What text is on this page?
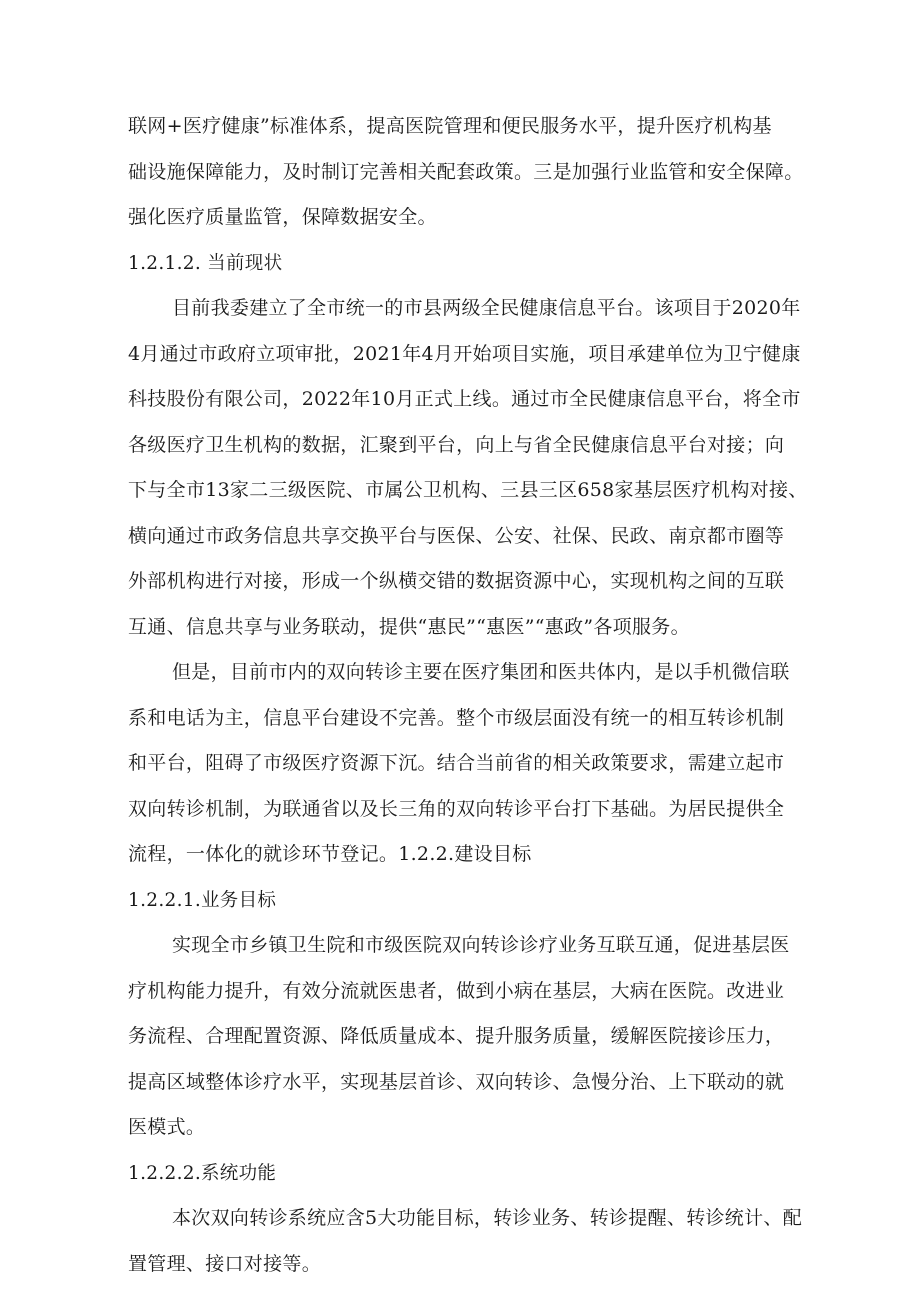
联网+医疗健康”标准体系，提高医院管理和便民服务水平，提升医疗机构基
础设施保障能力，及时制订完善相关配套政策。三是加强行业监管和安全保障。
强化医疗质量监管，保障数据安全。
1.2.1.2. 当前现状
目前我委建立了全市统一的市县两级全民健康信息平台。该项目于2020年
4月通过市政府立项审批，2021年4月开始项目实施，项目承建单位为卫宁健康
科技股份有限公司，2022年10月正式上线。通过市全民健康信息平台，将全市
各级医疗卫生机构的数据，汇聚到平台，向上与省全民健康信息平台对接；向
下与全市13家二三级医院、市属公卫机构、三县三区658家基层医疗机构对接、
横向通过市政务信息共享交换平台与医保、公安、社保、民政、南京都市圈等
外部机构进行对接，形成一个纵横交错的数据资源中心，实现机构之间的互联
互通、信息共享与业务联动，提供“惠民”“惠医”“惠政”各项服务。
但是，目前市内的双向转诊主要在医疗集团和医共体内，是以手机微信联
系和电话为主，信息平台建设不完善。整个市级层面没有统一的相互转诊机制
和平台，阻碍了市级医疗资源下沉。结合当前省的相关政策要求，需建立起市
双向转诊机制，为联通省以及长三角的双向转诊平台打下基础。为居民提供全
流程，一体化的就诊环节登记。1.2.2.建设目标
1.2.2.1.业务目标
实现全市乡镇卫生院和市级医院双向转诊诊疗业务互联互通，促进基层医
疗机构能力提升，有效分流就医患者，做到小病在基层，大病在医院。改进业
务流程、合理配置资源、降低质量成本、提升服务质量，缓解医院接诊压力，
提高区域整体诊疗水平，实现基层首诊、双向转诊、急慢分治、上下联动的就
医模式。
1.2.2.2.系统功能
本次双向转诊系统应含5大功能目标，转诊业务、转诊提醒、转诊统计、配
置管理、接口对接等。
